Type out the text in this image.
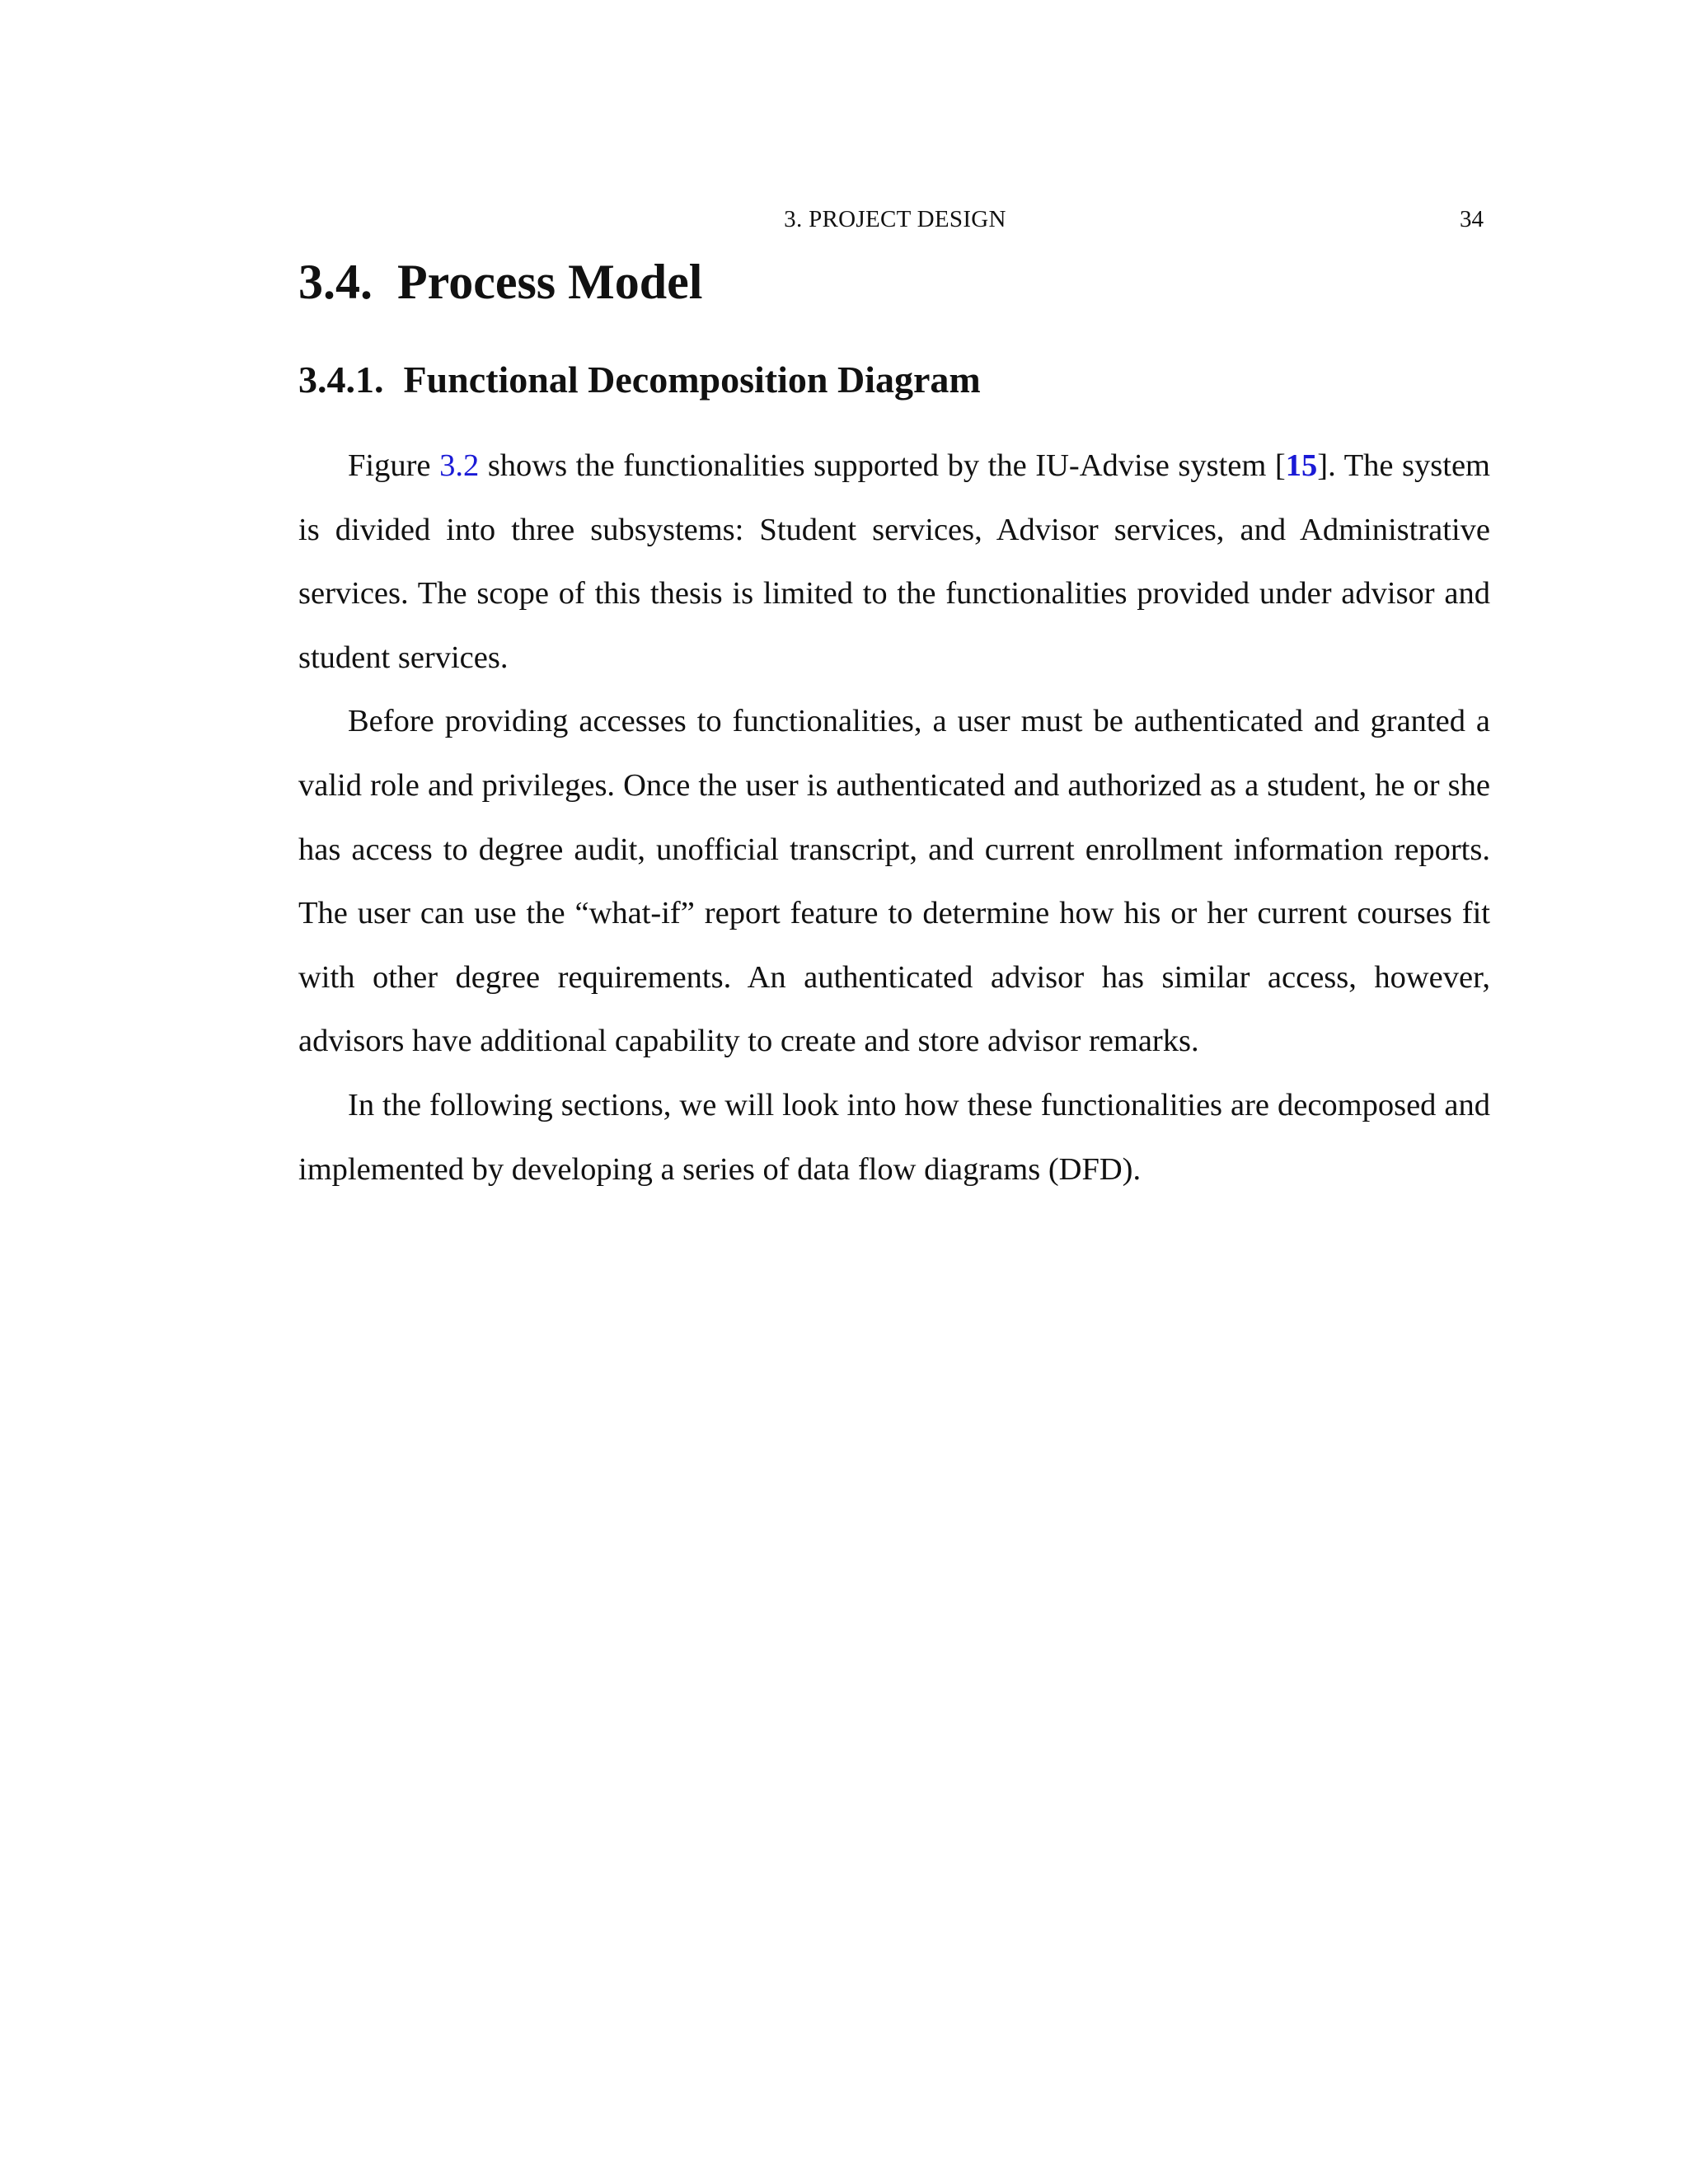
3. PROJECT DESIGN	34
3.4. Process Model
3.4.1. Functional Decomposition Diagram

Figure 3.2 shows the functionalities supported by the IU-Advise system [15]. The system is divided into three subsystems: Student services, Advisor services, and Administrative services. The scope of this thesis is limited to the functionalities provided under advisor and student services.

Before providing accesses to functionalities, a user must be authenticated and granted a valid role and privileges. Once the user is authenticated and authorized as a student, he or she has access to degree audit, unofficial transcript, and current enrollment information reports. The user can use the “what-if” report feature to determine how his or her current courses fit with other degree requirements. An authenticated advisor has similar access, however, advisors have additional capability to create and store advisor remarks.

In the following sections, we will look into how these functionalities are decomposed and implemented by developing a series of data flow diagrams (DFD).
